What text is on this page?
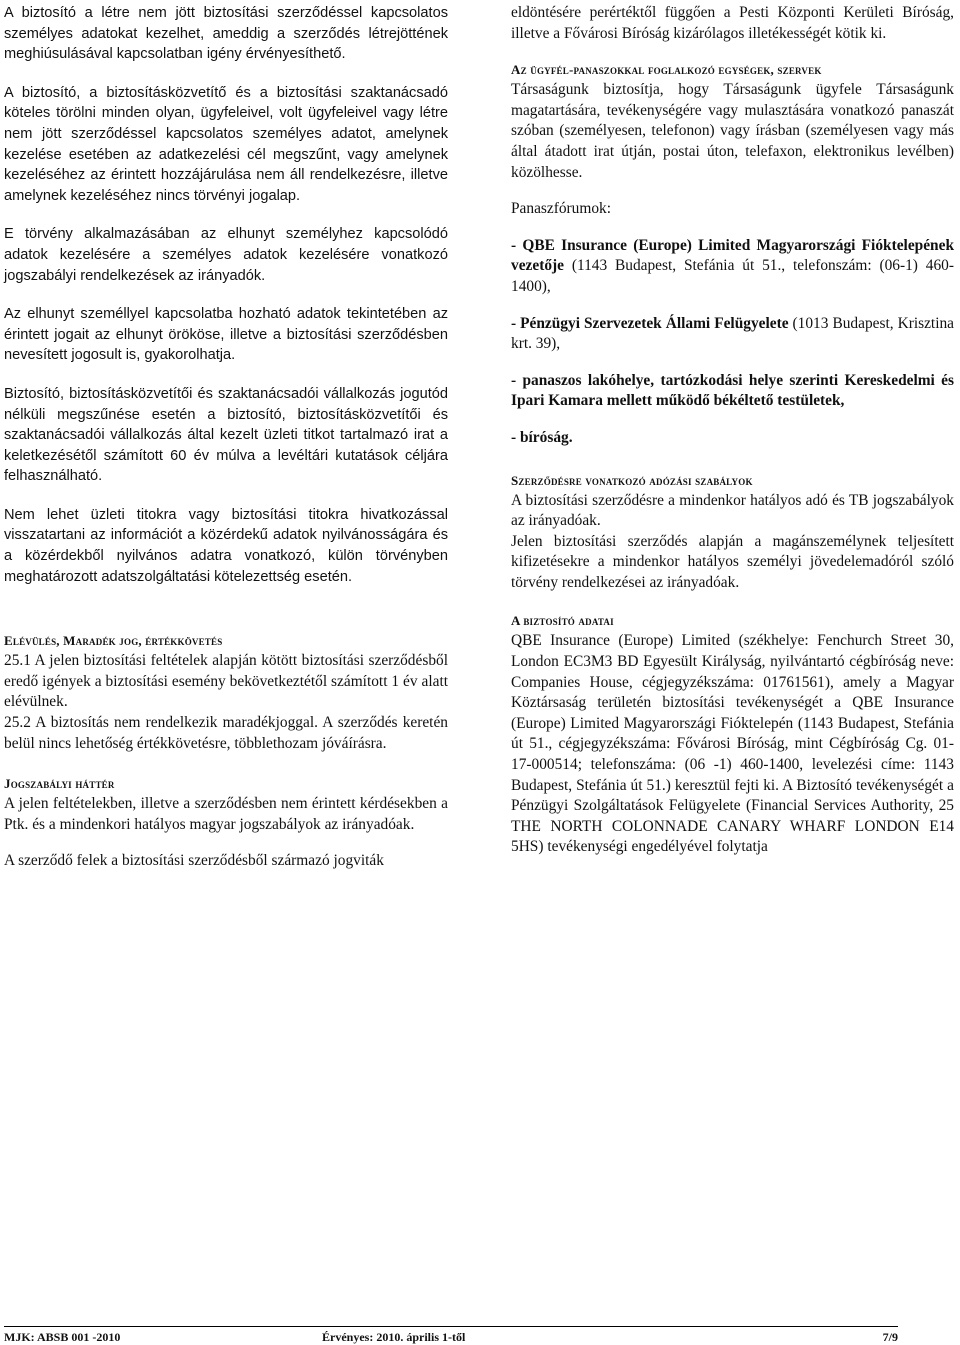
A biztosító a létre nem jött biztosítási szerződéssel kapcsolatos személyes adatokat kezelhet, ameddig a szerződés létrejöttének meghiúsulásával kapcsolatban igény érvényesíthető.

A biztosító, a biztosításközvetítő és a biztosítási szaktanácsadó köteles törölni minden olyan, ügyfeleivel, volt ügyfeleivel vagy létre nem jött szerződéssel kapcsolatos személyes adatot, amelynek kezelése esetében az adatkezelési cél megszűnt, vagy amelynek kezeléséhez az érintett hozzájárulása nem áll rendelkezésre, illetve amelynek kezeléséhez nincs törvényi jogalap.

E törvény alkalmazásában az elhunyt személyhez kapcsolódó adatok kezelésére a személyes adatok kezelésére vonatkozó jogszabályi rendelkezések az irányadók.

Az elhunyt személlyel kapcsolatba hozható adatok tekintetében az érintett jogait az elhunyt örököse, illetve a biztosítási szerződésben nevesített jogosult is, gyakorolhatja.

Biztosító, biztosításközvetítői és szaktanácsadói vállalkozás jogutód nélküli megszűnése esetén a biztosító, biztosításközvetítői és szaktanácsadói vállalkozás által kezelt üzleti titkot tartalmazó irat a keletkezésétől számított 60 év múlva a levéltári kutatások céljára felhasználható.

Nem lehet üzleti titokra vagy biztosítási titokra hivatkozással visszatartani az információt a közérdekű adatok nyilvánosságára és a közérdekből nyilvános adatra vonatkozó, külön törvényben meghatározott adatszolgáltatási kötelezettség esetén.

Elévülés, Maradék jog, értékkövetés

25.1 A jelen biztosítási feltételek alapján kötött biztosítási szerződésből eredő igények a biztosítási esemény bekövetkeztétől számított 1 év alatt elévülnek.

25.2 A biztosítás nem rendelkezik maradékjoggal. A szerződés keretén belül nincs lehetőség értékkövetésre, többlethozam jóváírásra.

Jogszabályi háttér

A jelen feltételekben, illetve a szerződésben nem érintett kérdésekben a Ptk. és a mindenkori hatályos magyar jogszabályok az irányadóak.

A szerződő felek a biztosítási szerződésből származó jogviták

eldöntésére perértéktől függően a Pesti Központi Kerületi Bíróság, illetve a Fővárosi Bíróság kizárólagos illetékességét kötik ki.

Az ügyfél-panaszokkal foglalkozó egységek, szervek

Társaságunk biztosítja, hogy Társaságunk ügyfele Társaságunk magatartására, tevékenységére vagy mulasztására vonatkozó panaszát szóban (személyesen, telefonon) vagy írásban (személyesen vagy más által átadott irat útján, postai úton, telefaxon, elektronikus levélben) közölhesse.

Panaszfórumok:

- QBE Insurance (Europe) Limited Magyarországi Fióktelepének vezetője (1143 Budapest, Stefánia út 51., telefonszám: (06-1) 460-1400),

- Pénzügyi Szervezetek Állami Felügyelete (1013 Budapest, Krisztina krt. 39),

- panaszos lakóhelye, tartózkodási helye szerinti Kereskedelmi és Ipari Kamara mellett működő békéltető testületek,

- bíróság.

Szerződésre vonatkozó adózási szabályok

A biztosítási szerződésre a mindenkor hatályos adó és TB jogszabályok az irányadóak.

Jelen biztosítási szerződés alapján a magánszemélynek teljesített kifizetésekre a mindenkor hatályos személyi jövedelemadóról szóló törvény rendelkezései az irányadóak.

A biztosító adatai

QBE Insurance (Europe) Limited (székhelye: Fenchurch Street 30, London EC3M3 BD Egyesült Királyság, nyilvántartó cégbíróság neve: Companies House, cégjegyzékszáma: 01761561), amely a Magyar Köztársaság területén biztosítási tevékenységét a QBE Insurance (Europe) Limited Magyarországi Fióktelepén (1143 Budapest, Stefánia út 51., cégjegyzékszáma: Fővárosi Bíróság, mint Cégbíróság Cg. 01-17-000514; telefonszáma: (06 -1) 460-1400, levelezési címe: 1143 Budapest, Stefánia út 51.) keresztül fejti ki. A Biztosító tevékenységét a Pénzügyi Szolgáltatások Felügyelete (Financial Services Authority, 25 THE NORTH COLONNADE CANARY WHARF LONDON E14 5HS) tevékenységi engedélyével folytatja

MJK: ABSB 001 -2010	Érvényes: 2010. április 1-től	7/9
